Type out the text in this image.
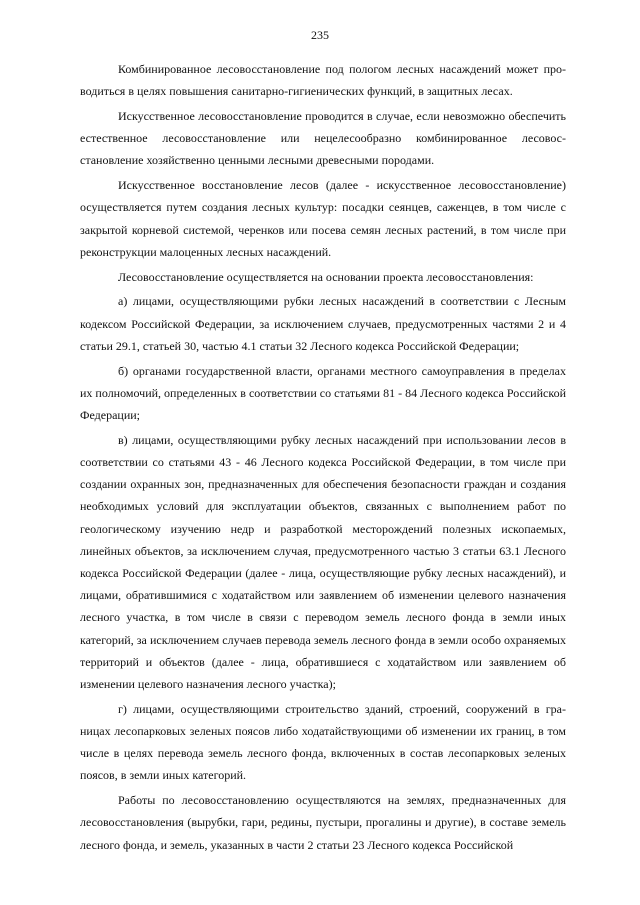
235

Комбинированное лесовосстановление под пологом лесных насаждений может проводиться в целях повышения санитарно-гигиенических функций, в защитных лесах.

Искусственное лесовосстановление проводится в случае, если невозможно обеспечить естественное лесовосстановление или нецелесообразно комбинированное лесовосстановление хозяйственно ценными лесными древесными породами.

Искусственное восстановление лесов (далее - искусственное лесовосстановление) осуществляется путем создания лесных культур: посадки сеянцев, саженцев, в том числе с закрытой корневой системой, черенков или посева семян лесных растений, в том числе при реконструкции малоценных лесных насаждений.

Лесовосстановление осуществляется на основании проекта лесовосстановления:

а) лицами, осуществляющими рубки лесных насаждений в соответствии с Лесным кодексом Российской Федерации, за исключением случаев, предусмотренных частями 2 и 4 статьи 29.1, статьей 30, частью 4.1 статьи 32 Лесного кодекса Российской Федерации;

б) органами государственной власти, органами местного самоуправления в пределах их полномочий, определенных в соответствии со статьями 81 - 84 Лесного кодекса Российской Федерации;

в) лицами, осуществляющими рубку лесных насаждений при использовании лесов в соответствии со статьями 43 - 46 Лесного кодекса Российской Федерации, в том числе при создании охранных зон, предназначенных для обеспечения безопасности граждан и создания необходимых условий для эксплуатации объектов, связанных с выполнением работ по геологическому изучению недр и разработкой месторождений полезных ископаемых, линейных объектов, за исключением случая, предусмотренного частью 3 статьи 63.1 Лесного кодекса Российской Федерации (далее - лица, осуществляющие рубку лесных насаждений), и лицами, обратившимися с ходатайством или заявлением об изменении целевого назначения лесного участка, в том числе в связи с переводом земель лесного фонда в земли иных категорий, за исключением случаев перевода земель лесного фонда в земли особо охраняемых территорий и объектов (далее - лица, обратившиеся с ходатайством или заявлением об изменении целевого назначения лесного участка);

г) лицами, осуществляющими строительство зданий, строений, сооружений в границах лесопарковых зеленых поясов либо ходатайствующими об изменении их границ, в том числе в целях перевода земель лесного фонда, включенных в состав лесопарковых зеленых поясов, в земли иных категорий.

Работы по лесовосстановлению осуществляются на землях, предназначенных для лесовосстановления (вырубки, гари, редины, пустыри, прогалины и другие), в составе земель лесного фонда, и земель, указанных в части 2 статьи 23 Лесного кодекса Российской
